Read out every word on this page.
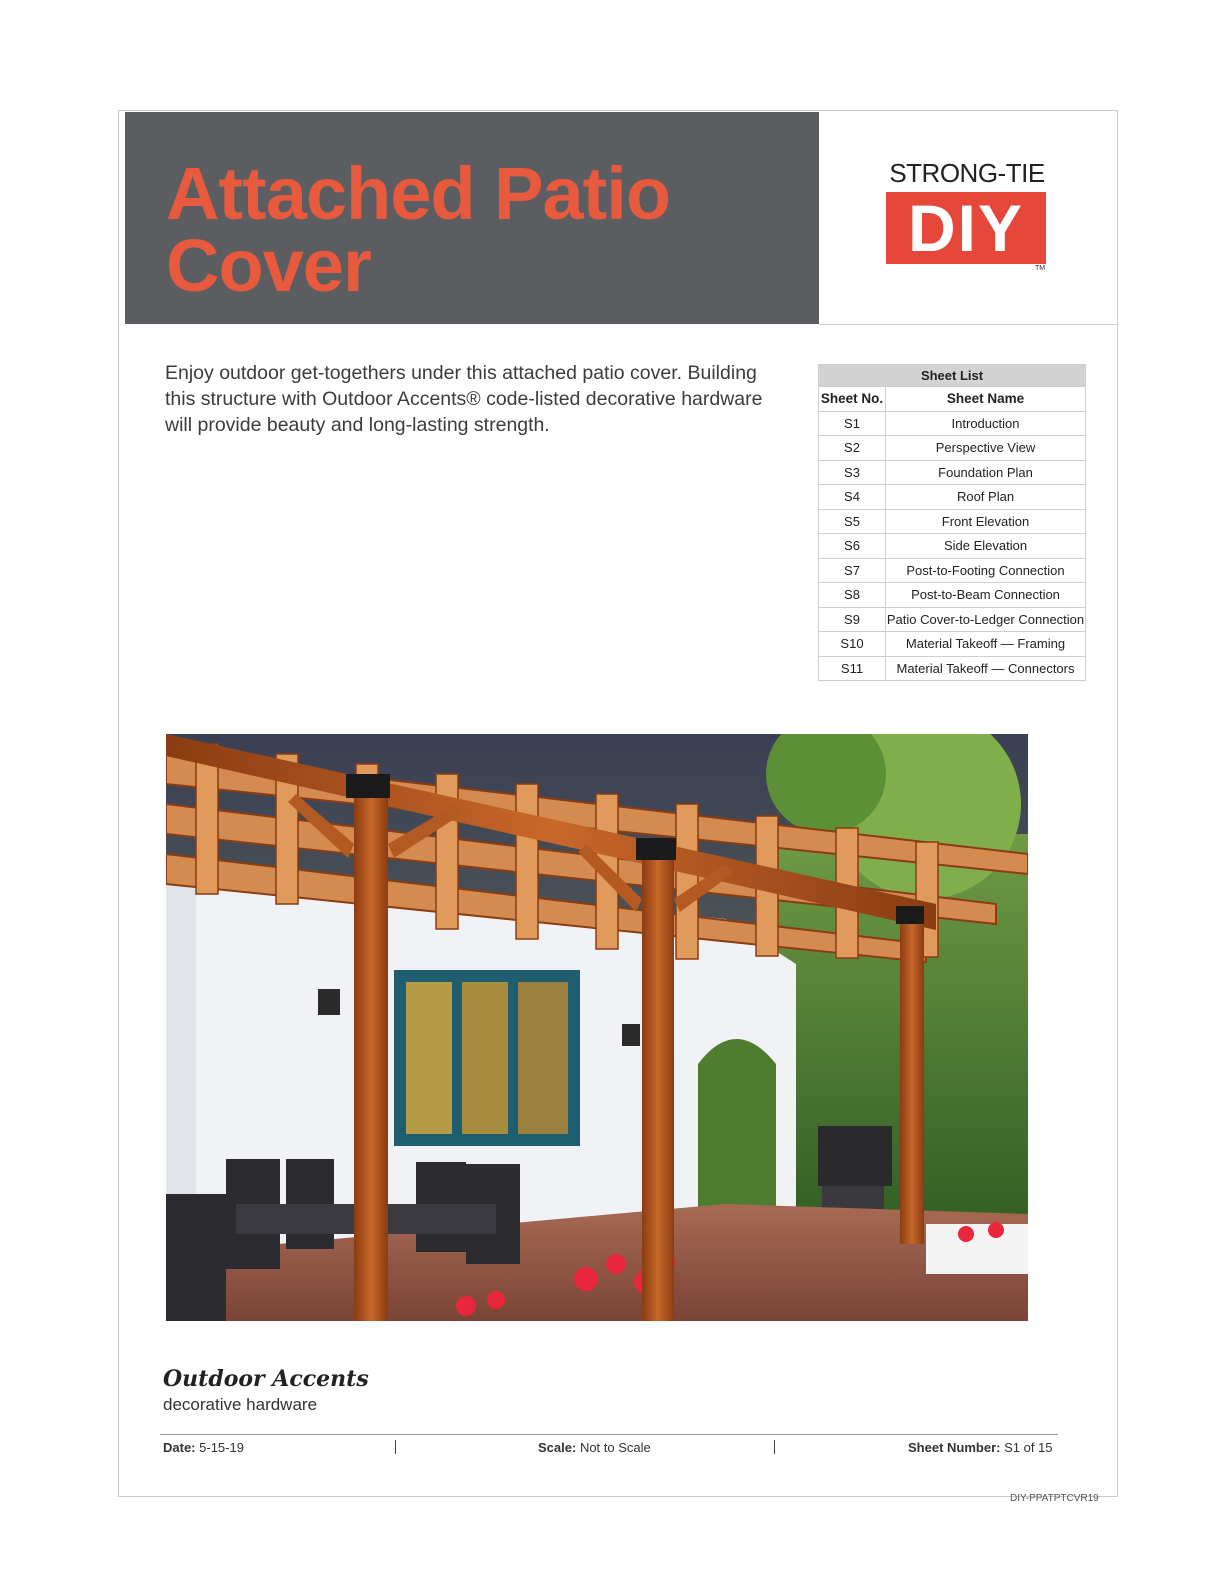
Attached Patio
Cover
STRONG-TIE
DIY
TM
Enjoy outdoor get-togethers under this attached patio cover. Building this structure with Outdoor Accents® code-listed decorative hardware will provide beauty and long-lasting strength.
Sheet List	
Sheet No.	Sheet Name
S1	Introduction
S2	Perspective View
S3	Foundation Plan
S4	Roof Plan
S5	Front Elevation
S6	Side Elevation
S7	Post-to-Footing Connection
S8	Post-to-Beam Connection
S9	Patio Cover-to-Ledger Connection
S10	Material Takeoff — Framing
S11	Material Takeoff — Connectors
Outdoor Accents
decorative hardware
Date: 5-15-19	Scale: Not to Scale	Sheet Number: S1 of 15
DIY-PPATPTCVR19
